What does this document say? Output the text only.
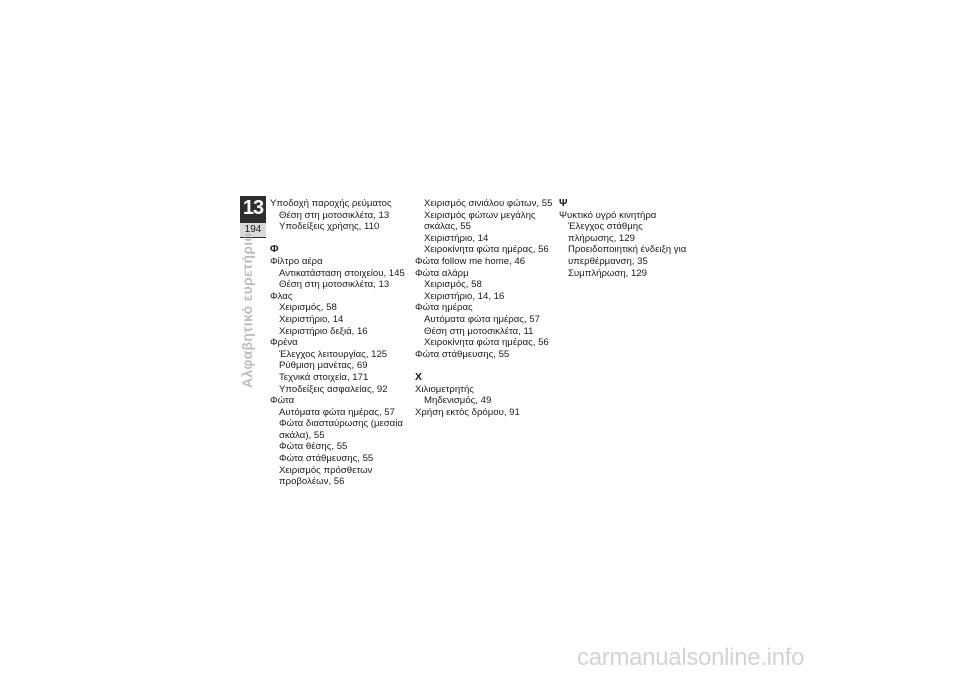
13
194
Αλφαβητικό ευρετήριο
Υποδοχή παροχής ρεύματος
Θέση στη μοτοσικλέτα, 13
Υποδείξεις χρήσης, 110
Φ
Φίλτρο αέρα
Αντικατάσταση στοιχείου, 145
Θέση στη μοτοσικλέτα, 13
Φλας
Χειρισμός, 58
Χειριστήριο, 14
Χειριστήριο δεξιά, 16
Φρένα
Έλεγχος λειτουργίας, 125
Ρύθμιση μανέτας, 69
Τεχνικά στοιχεία, 171
Υποδείξεις ασφαλείας, 92
Φώτα
Αυτόματα φώτα ημέρας, 57
Φώτα διασταύρωσης (μεσαία
σκάλα), 55
Φώτα θέσης, 55
Φώτα στάθμευσης, 55
Χειρισμός πρόσθετων
προβολέων, 56
Χειρισμός σινιάλου φώτων, 55
Χειρισμός φώτων μεγάλης
σκάλας, 55
Χειριστήριο, 14
Χειροκίνητα φώτα ημέρας, 56
Φώτα follow me home, 46
Φώτα αλάρμ
Χειρισμός, 58
Χειριστήριο, 14, 16
Φώτα ημέρας
Αυτόματα φώτα ημέρας, 57
Θέση στη μοτοσικλέτα, 11
Χειροκίνητα φώτα ημέρας, 56
Φώτα στάθμευσης, 55
Χ
Χιλιομετρητής
Μηδενισμός, 49
Χρήση εκτός δρόμου, 91
Ψ
Ψυκτικό υγρό κινητήρα
Έλεγχος στάθμης
πλήρωσης, 129
Προειδοποιητική ένδειξη για
υπερθέρμανση, 35
Συμπλήρωση, 129
carmanualsonline.info
